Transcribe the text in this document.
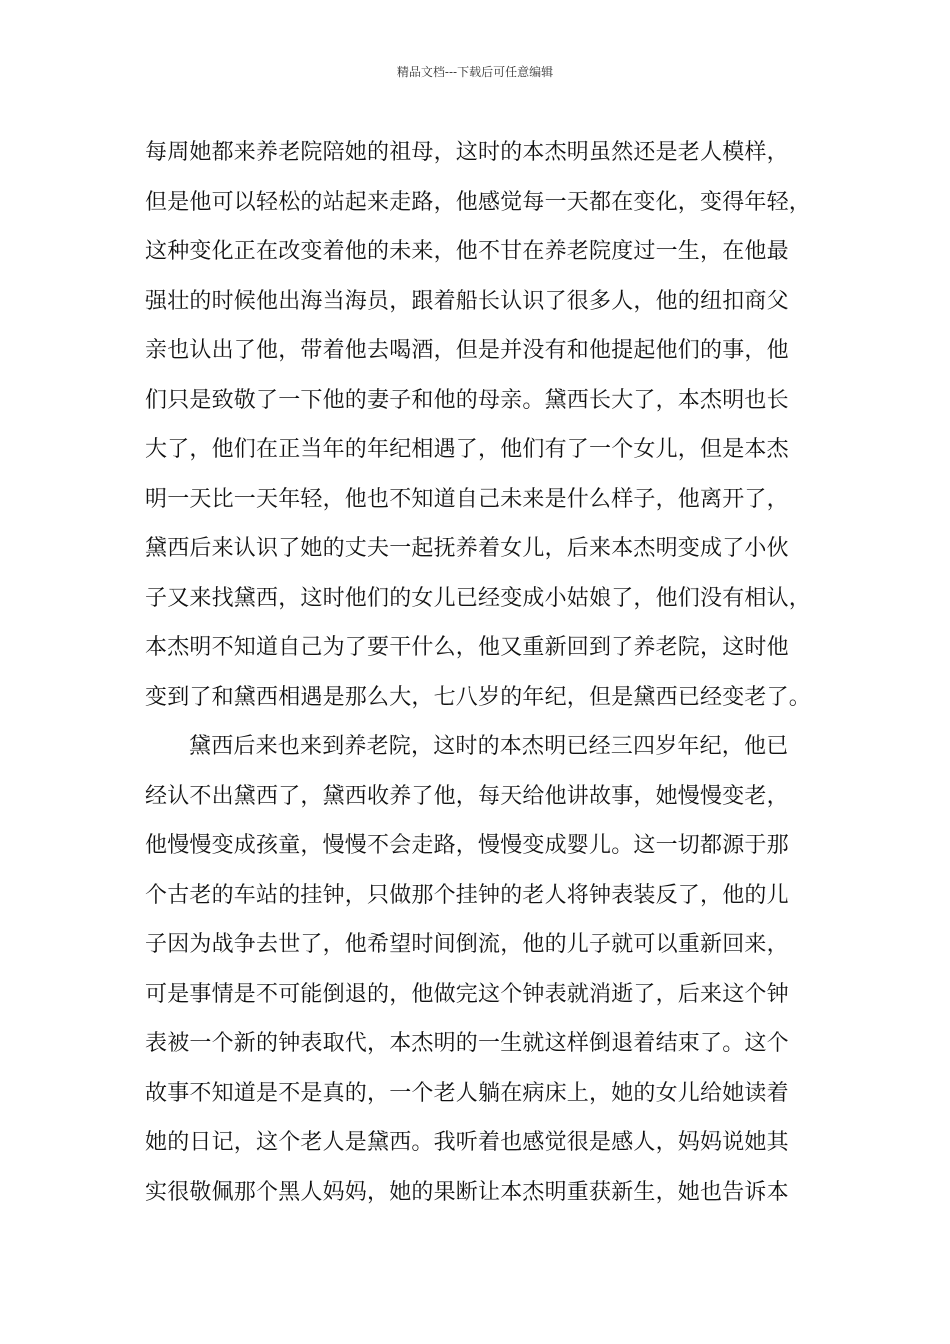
精品文档---下载后可任意编辑
每周她都来养老院陪她的祖母，这时的本杰明虽然还是老人模样，
但是他可以轻松的站起来走路，他感觉每一天都在变化，变得年轻，
这种变化正在改变着他的未来，他不甘在养老院度过一生，在他最
强壮的时候他出海当海员，跟着船长认识了很多人，他的纽扣商父
亲也认出了他，带着他去喝酒，但是并没有和他提起他们的事，他
们只是致敬了一下他的妻子和他的母亲。黛西长大了，本杰明也长
大了，他们在正当年的年纪相遇了，他们有了一个女儿，但是本杰
明一天比一天年轻，他也不知道自己未来是什么样子，他离开了，
黛西后来认识了她的丈夫一起抚养着女儿，后来本杰明变成了小伙
子又来找黛西，这时他们的女儿已经变成小姑娘了，他们没有相认，
本杰明不知道自己为了要干什么，他又重新回到了养老院，这时他
变到了和黛西相遇是那么大，七八岁的年纪，但是黛西已经变老了。
黛西后来也来到养老院，这时的本杰明已经三四岁年纪，他已
经认不出黛西了，黛西收养了他，每天给他讲故事，她慢慢变老，
他慢慢变成孩童，慢慢不会走路，慢慢变成婴儿。这一切都源于那
个古老的车站的挂钟，只做那个挂钟的老人将钟表装反了，他的儿
子因为战争去世了，他希望时间倒流，他的儿子就可以重新回来，
可是事情是不可能倒退的，他做完这个钟表就消逝了，后来这个钟
表被一个新的钟表取代，本杰明的一生就这样倒退着结束了。这个
故事不知道是不是真的，一个老人躺在病床上，她的女儿给她读着
她的日记，这个老人是黛西。我听着也感觉很是感人，妈妈说她其
实很敬佩那个黑人妈妈，她的果断让本杰明重获新生，她也告诉本
